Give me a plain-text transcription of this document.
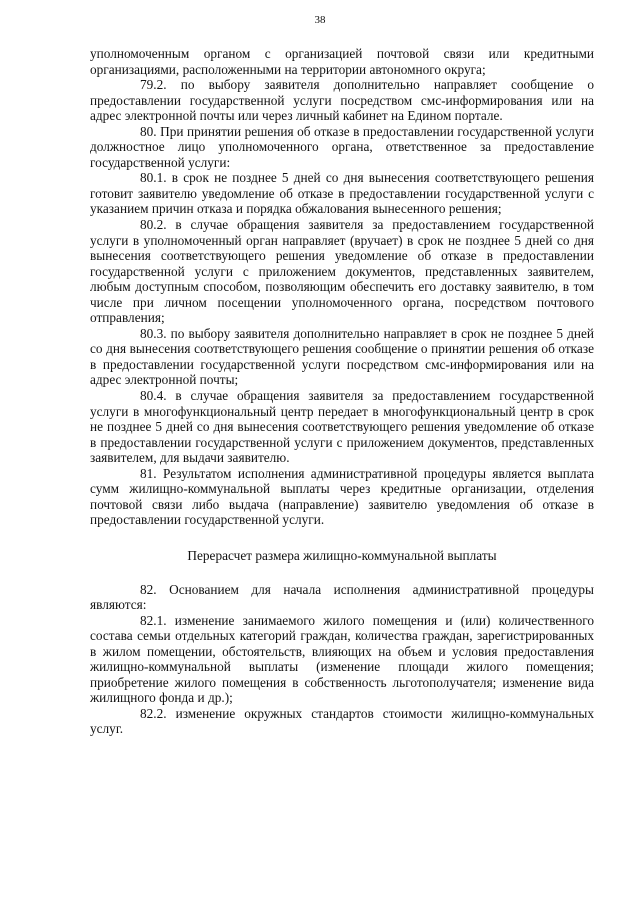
38

уполномоченным органом с организацией почтовой связи или кредитными организациями, расположенными на территории автономного округа;

79.2. по выбору заявителя дополнительно направляет сообщение о предоставлении государственной услуги посредством смс-информирования или на адрес электронной почты или через личный кабинет на Едином портале.

80. При принятии решения об отказе в предоставлении государственной услуги должностное лицо уполномоченного органа, ответственное за предоставление государственной услуги:

80.1. в срок не позднее 5 дней со дня вынесения соответствующего решения готовит заявителю уведомление об отказе в предоставлении государственной услуги с указанием причин отказа и порядка обжалования вынесенного решения;

80.2. в случае обращения заявителя за предоставлением государственной услуги в уполномоченный орган направляет (вручает) в срок не позднее 5 дней со дня вынесения соответствующего решения уведомление об отказе в предоставлении государственной услуги с приложением документов, представленных заявителем, любым доступным способом, позволяющим обеспечить его доставку заявителю, в том числе при личном посещении уполномоченного органа, посредством почтового отправления;

80.3. по выбору заявителя дополнительно направляет в срок не позднее 5 дней со дня вынесения соответствующего решения сообщение о принятии решения об отказе в предоставлении государственной услуги посредством смс-информирования или на адрес электронной почты;

80.4. в случае обращения заявителя за предоставлением государственной услуги в многофункциональный центр передает в многофункциональный центр в срок не позднее 5 дней со дня вынесения соответствующего решения уведомление об отказе в предоставлении государственной услуги с приложением документов, представленных заявителем, для выдачи заявителю.

81. Результатом исполнения административной процедуры является выплата сумм жилищно-коммунальной выплаты через кредитные организации, отделения почтовой связи либо выдача (направление) заявителю уведомления об отказе в предоставлении государственной услуги.

Перерасчет размера жилищно-коммунальной выплаты

82. Основанием для начала исполнения административной процедуры являются:

82.1. изменение занимаемого жилого помещения и (или) количественного состава семьи отдельных категорий граждан, количества граждан, зарегистрированных в жилом помещении, обстоятельств, влияющих на объем и условия предоставления жилищно-коммунальной выплаты (изменение площади жилого помещения; приобретение жилого помещения в собственность льготополучателя; изменение вида жилищного фонда и др.);

82.2. изменение окружных стандартов стоимости жилищно-коммунальных услуг.
